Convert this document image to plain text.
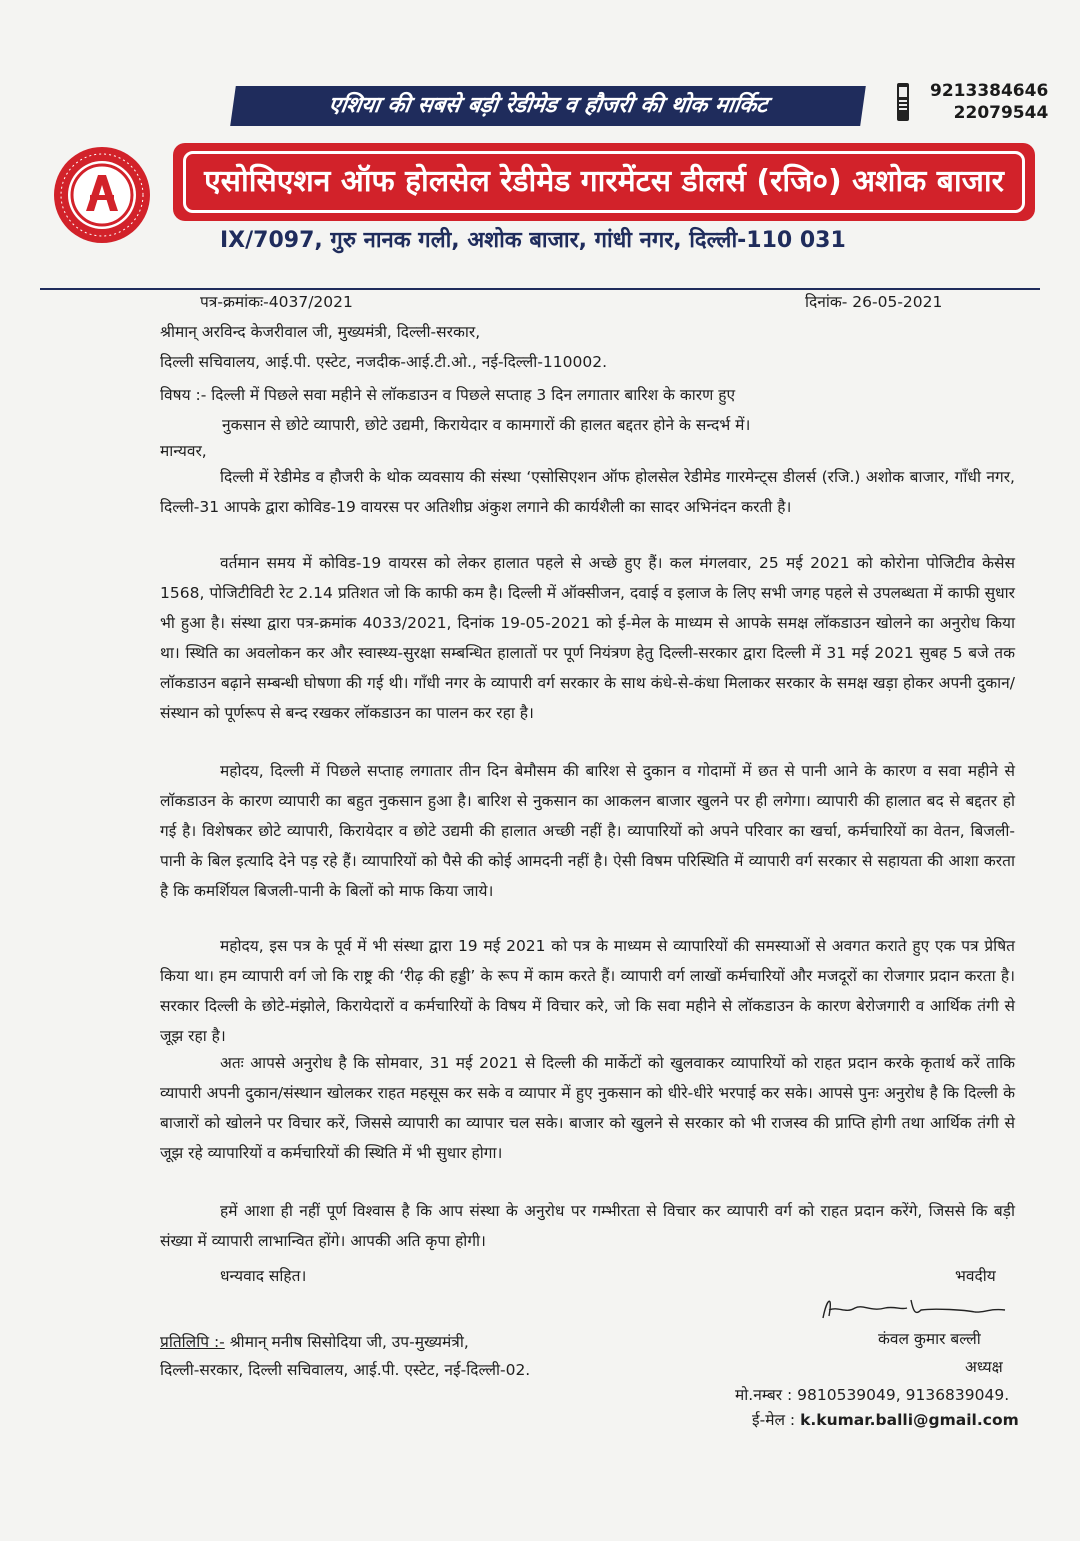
एशिया की सबसे बड़ी रेडीमेड व हौजरी की थोक मार्किट
9213384646
22079544
एसोसिएशन ऑफ होलसेल रेडीमेड गारमेंटस डीलर्स (रजि०) अशोक बाजार
IX/7097, गुरु नानक गली, अशोक बाजार, गांधी नगर, दिल्ली-110 031
पत्र-क्रमांकः-4037/2021	दिनांक- 26-05-2021
श्रीमान् अरविन्द केजरीवाल जी, मुख्यमंत्री, दिल्ली-सरकार,
दिल्ली सचिवालय, आई.पी. एस्टेट, नजदीक-आई.टी.ओ., नई-दिल्ली-110002.
विषय :- दिल्ली में पिछले सवा महीने से लॉकडाउन व पिछले सप्ताह 3 दिन लगातार बारिश के कारण हुए
नुकसान से छोटे व्यापारी, छोटे उद्यमी, किरायेदार व कामगारों की हालत बद्दतर होने के सन्दर्भ में।
मान्यवर,
दिल्ली में रेडीमेड व हौजरी के थोक व्यवसाय की संस्था ‘एसोसिएशन ऑफ होलसेल रेडीमेड गारमेन्ट्स डीलर्स (रजि.) अशोक बाजार, गाँधी नगर, दिल्ली-31 आपके द्वारा कोविड-19 वायरस पर अतिशीघ्र अंकुश लगाने की कार्यशैली का सादर अभिनंदन करती है।
वर्तमान समय में कोविड-19 वायरस को लेकर हालात पहले से अच्छे हुए हैं। कल मंगलवार, 25 मई 2021 को कोरोना पोजिटीव केसेस 1568, पोजिटीविटी रेट 2.14 प्रतिशत जो कि काफी कम है। दिल्ली में ऑक्सीजन, दवाई व इलाज के लिए सभी जगह पहले से उपलब्धता में काफी सुधार भी हुआ है। संस्था द्वारा पत्र-क्रमांक 4033/2021, दिनांक 19-05-2021 को ई-मेल के माध्यम से आपके समक्ष लॉकडाउन खोलने का अनुरोध किया था। स्थिति का अवलोकन कर और स्वास्थ्य-सुरक्षा सम्बन्धित हालातों पर पूर्ण नियंत्रण हेतु दिल्ली-सरकार द्वारा दिल्ली में 31 मई 2021 सुबह 5 बजे तक लॉकडाउन बढ़ाने सम्बन्धी घोषणा की गई थी। गाँधी नगर के व्यापारी वर्ग सरकार के साथ कंधे-से-कंधा मिलाकर सरकार के समक्ष खड़ा होकर अपनी दुकान/संस्थान को पूर्णरूप से बन्द रखकर लॉकडाउन का पालन कर रहा है।
महोदय, दिल्ली में पिछले सप्ताह लगातार तीन दिन बेमौसम की बारिश से दुकान व गोदामों में छत से पानी आने के कारण व सवा महीने से लॉकडाउन के कारण व्यापारी का बहुत नुकसान हुआ है। बारिश से नुकसान का आकलन बाजार खुलने पर ही लगेगा। व्यापारी की हालात बद से बद्दतर हो गई है। विशेषकर छोटे व्यापारी, किरायेदार व छोटे उद्यमी की हालात अच्छी नहीं है। व्यापारियों को अपने परिवार का खर्चा, कर्मचारियों का वेतन, बिजली-पानी के बिल इत्यादि देने पड़ रहे हैं। व्यापारियों को पैसे की कोई आमदनी नहीं है। ऐसी विषम परिस्थिति में व्यापारी वर्ग सरकार से सहायता की आशा करता है कि कमर्शियल बिजली-पानी के बिलों को माफ किया जाये।
महोदय, इस पत्र के पूर्व में भी संस्था द्वारा 19 मई 2021 को पत्र के माध्यम से व्यापारियों की समस्याओं से अवगत कराते हुए एक पत्र प्रेषित किया था। हम व्यापारी वर्ग जो कि राष्ट्र की ‘रीढ़ की हड्डी’ के रूप में काम करते हैं। व्यापारी वर्ग लाखों कर्मचारियों और मजदूरों का रोजगार प्रदान करता है। सरकार दिल्ली के छोटे-मंझोले, किरायेदारों व कर्मचारियों के विषय में विचार करे, जो कि सवा महीने से लॉकडाउन के कारण बेरोजगारी व आर्थिक तंगी से जूझ रहा है।
अतः आपसे अनुरोध है कि सोमवार, 31 मई 2021 से दिल्ली की मार्केटों को खुलवाकर व्यापारियों को राहत प्रदान करके कृतार्थ करें ताकि व्यापारी अपनी दुकान/संस्थान खोलकर राहत महसूस कर सके व व्यापार में हुए नुकसान को धीरे-धीरे भरपाई कर सके। आपसे पुनः अनुरोध है कि दिल्ली के बाजारों को खोलने पर विचार करें, जिससे व्यापारी का व्यापार चल सके। बाजार को खुलने से सरकार को भी राजस्व की प्राप्ति होगी तथा आर्थिक तंगी से जूझ रहे व्यापारियों व कर्मचारियों की स्थिति में भी सुधार होगा।
हमें आशा ही नहीं पूर्ण विश्वास है कि आप संस्था के अनुरोध पर गम्भीरता से विचार कर व्यापारी वर्ग को राहत प्रदान करेंगे, जिससे कि बड़ी संख्या में व्यापारी लाभान्वित होंगे। आपकी अति कृपा होगी।
धन्यवाद सहित।	भवदीय
प्रतिलिपि :- श्रीमान् मनीष सिसोदिया जी, उप-मुख्यमंत्री,
दिल्ली-सरकार, दिल्ली सचिवालय, आई.पी. एस्टेट, नई-दिल्ली-02.
कंवल कुमार बल्ली
अध्यक्ष
मो.नम्बर : 9810539049, 9136839049.
ई-मेल : k.kumar.balli@gmail.com
